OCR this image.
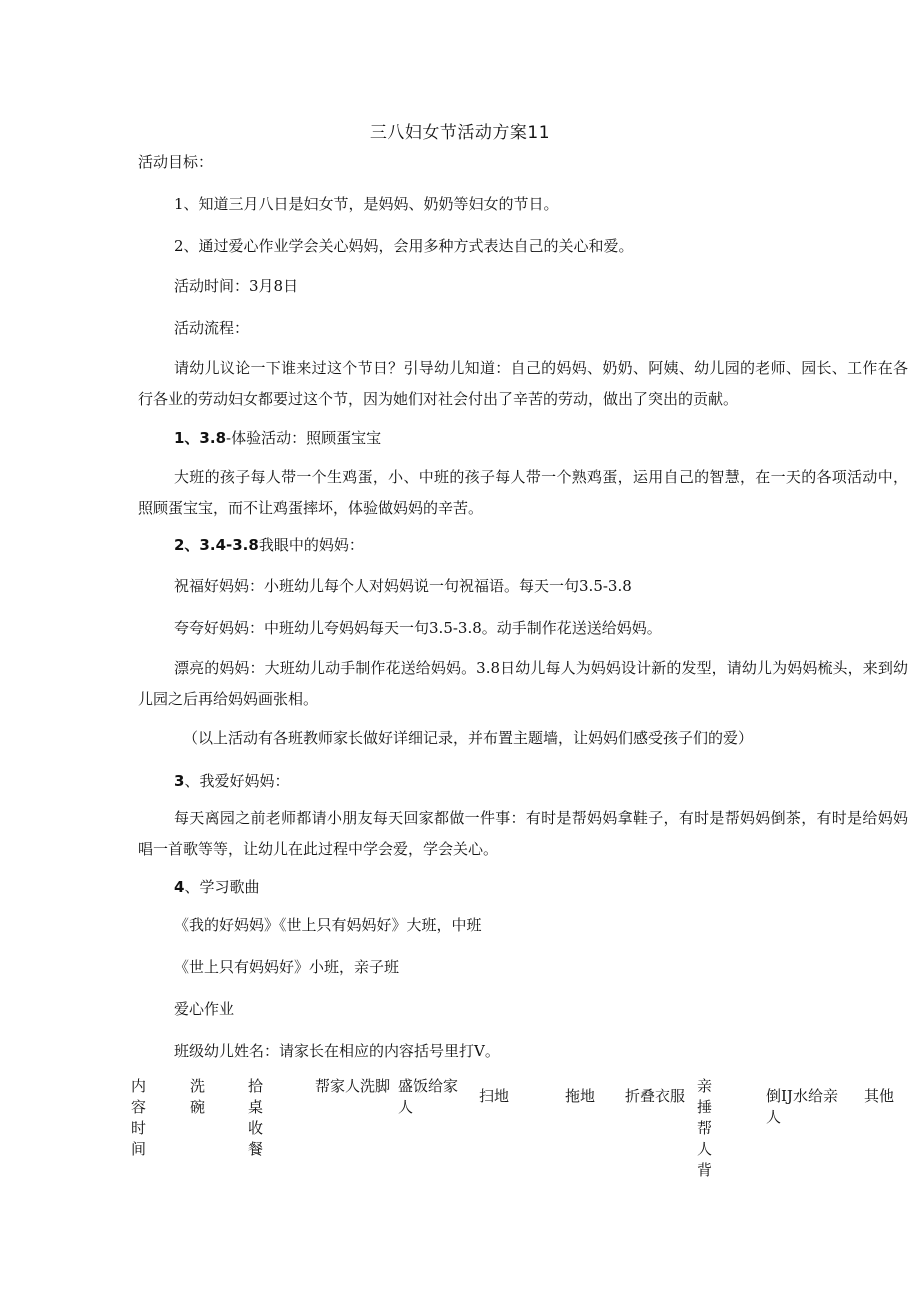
三八妇女节活动方案11
活动目标：
1、知道三月八日是妇女节，是妈妈、奶奶等妇女的节日。
2、通过爱心作业学会关心妈妈，会用多种方式表达自己的关心和爱。
活动时间：3月8日
活动流程：
请幼儿议论一下谁来过这个节日？引导幼儿知道：自己的妈妈、奶奶、阿姨、幼儿园的老师、园长、工作在各行各业的劳动妇女都要过这个节，因为她们对社会付出了辛苦的劳动，做出了突出的贡献。
1、3.8-体验活动：照顾蛋宝宝
大班的孩子每人带一个生鸡蛋，小、中班的孩子每人带一个熟鸡蛋，运用自己的智慧，在一天的各项活动中，照顾蛋宝宝，而不让鸡蛋摔坏，体验做妈妈的辛苦。
2、3.4-3.8我眼中的妈妈：
祝福好妈妈：小班幼儿每个人对妈妈说一句祝福语。每天一句3.5-3.8
夸夸好妈妈：中班幼儿夸妈妈每天一句3.5-3.8。动手制作花送送给妈妈。
漂亮的妈妈：大班幼儿动手制作花送给妈妈。3.8日幼儿每人为妈妈设计新的发型，请幼儿为妈妈梳头，来到幼儿园之后再给妈妈画张相。
（以上活动有各班教师家长做好详细记录，并布置主题墙，让妈妈们感受孩子们的爱）
3、我爱好妈妈：
每天离园之前老师都请小朋友每天回家都做一件事：有时是帮妈妈拿鞋子，有时是帮妈妈倒茶，有时是给妈妈唱一首歌等等，让幼儿在此过程中学会爱，学会关心。
4、学习歌曲
《我的好妈妈》《世上只有妈妈好》大班，中班
《世上只有妈妈好》小班，亲子班
爱心作业
班级幼儿姓名：请家长在相应的内容括号里打V。
内容时间
洗碗
拾桌收餐
帮家人洗脚 盛饭给家人
扫地	拖地 折叠衣服
亲捶帮人背
倒IJ水给亲人
其他
